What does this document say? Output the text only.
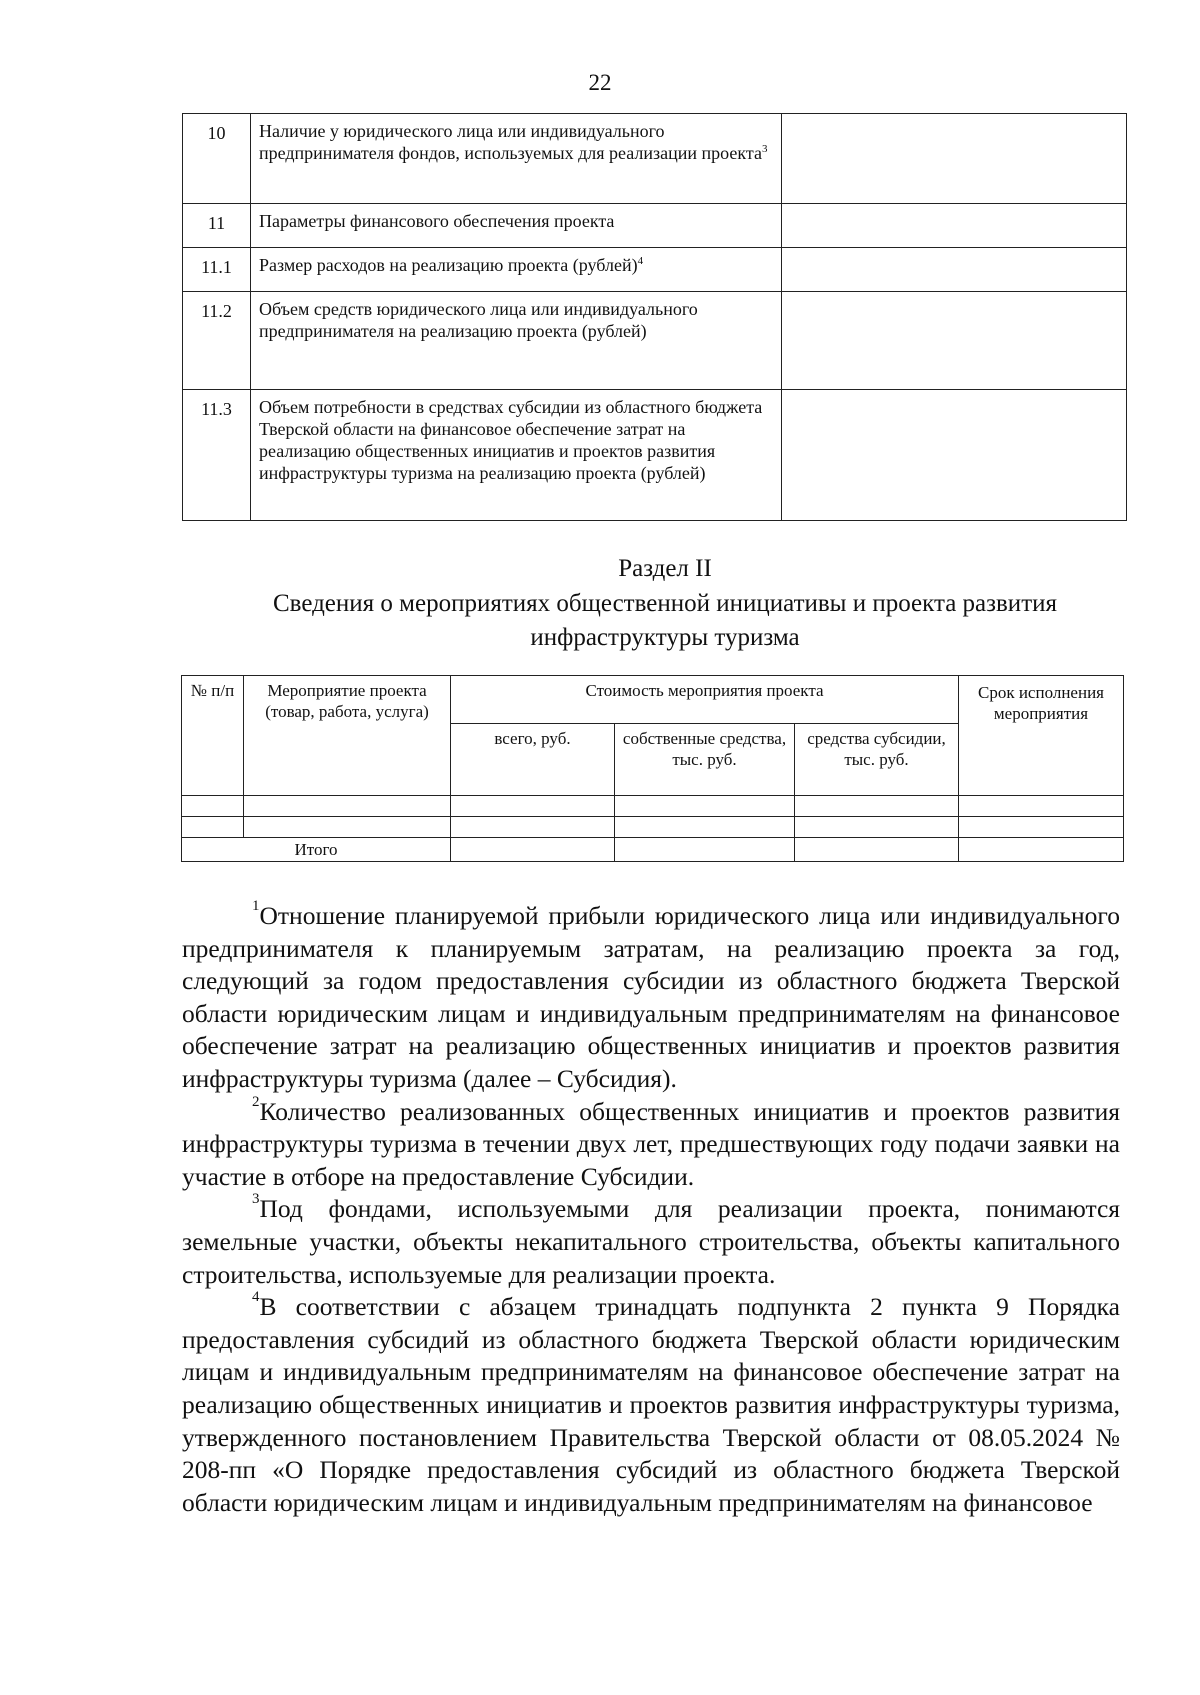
22
10	Наличие у юридического лица или индивидуального предпринимателя фондов, используемых для реализации проекта$^3$	
11	Параметры финансового обеспечения проекта	
11.1	Размер расходов на реализацию проекта (рублей)$^4$	
11.2	Объем средств юридического лица или индивидуального предпринимателя на реализацию проекта (рублей)	
11.3	Объем потребности в средствах субсидии из областного бюджета Тверской области на финансовое обеспечение затрат на реализацию общественных инициатив и проектов развития инфраструктуры туризма на реализацию проекта (рублей)	
Раздел II
Сведения о мероприятиях общественной инициативы и проекта развития инфраструктуры туризма
№ п/п	Мероприятие проекта (товар, работа, услуга)	Стоимость мероприятия проекта			Срок исполнения мероприятия
		всего, руб.	собственные средства, тыс. руб.	средства субсидии, тыс. руб.	

Итого					

$^1$Отношение планируемой прибыли юридического лица или индивидуального предпринимателя к планируемым затратам, на реализацию проекта за год, следующий за годом предоставления субсидии из областного бюджета Тверской области юридическим лицам и индивидуальным предпринимателям на финансовое обеспечение затрат на реализацию общественных инициатив и проектов развития инфраструктуры туризма (далее – Субсидия).

$^2$Количество реализованных общественных инициатив и проектов развития инфраструктуры туризма в течении двух лет, предшествующих году подачи заявки на участие в отборе на предоставление Субсидии.

$^3$Под фондами, используемыми для реализации проекта, понимаются земельные участки, объекты некапитального строительства, объекты капитального строительства, используемые для реализации проекта.

$^4$В соответствии с абзацем тринадцать подпункта 2 пункта 9 Порядка предоставления субсидий из областного бюджета Тверской области юридическим лицам и индивидуальным предпринимателям на финансовое обеспечение затрат на реализацию общественных инициатив и проектов развития инфраструктуры туризма, утвержденного постановлением Правительства Тверской области от 08.05.2024 № 208-пп «О Порядке предоставления субсидий из областного бюджета Тверской области юридическим лицам и индивидуальным предпринимателям на финансовое
